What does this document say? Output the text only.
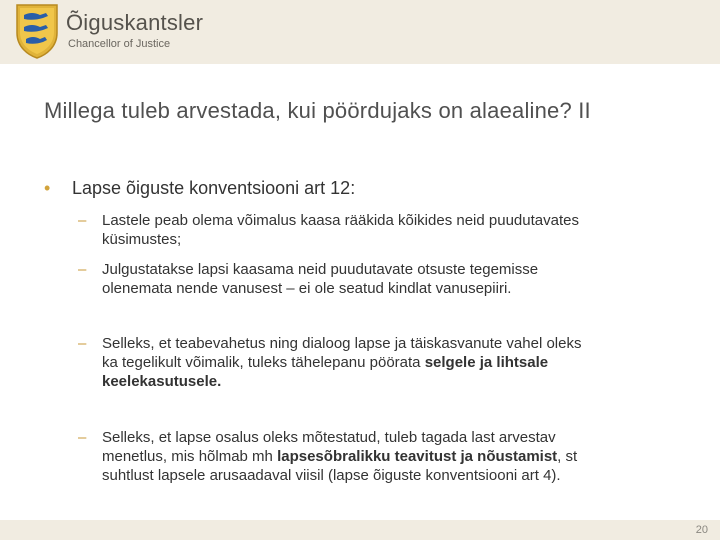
Õiguskantsler
Chancellor of Justice
Millega tuleb arvestada, kui pöördujaks on alaealine? II
• Lapse õiguste konventsiooni art 12:
– Lastele peab olema võimalus kaasa rääkida kõikides neid puudutavates
küsimustes;
– Julgustatakse lapsi kaasama neid puudutavate otsuste tegemisse
olenemata nende vanusest – ei ole seatud kindlat vanusepiiri.
– Selleks, et teabevahetus ning dialoog lapse ja täiskasvanute vahel oleks
ka tegelikult võimalik, tuleks tähelepanu pöörata selgele ja lihtsale
keelekasutusele.
– Selleks, et lapse osalus oleks mõtestatud, tuleb tagada last arvestav
menetlus, mis hõlmab mh lapsesõbralikku teavitust ja nõustamist, st
suhtlust lapsele arusaadaval viisil (lapse õiguste konventsiooni art 4).
20
